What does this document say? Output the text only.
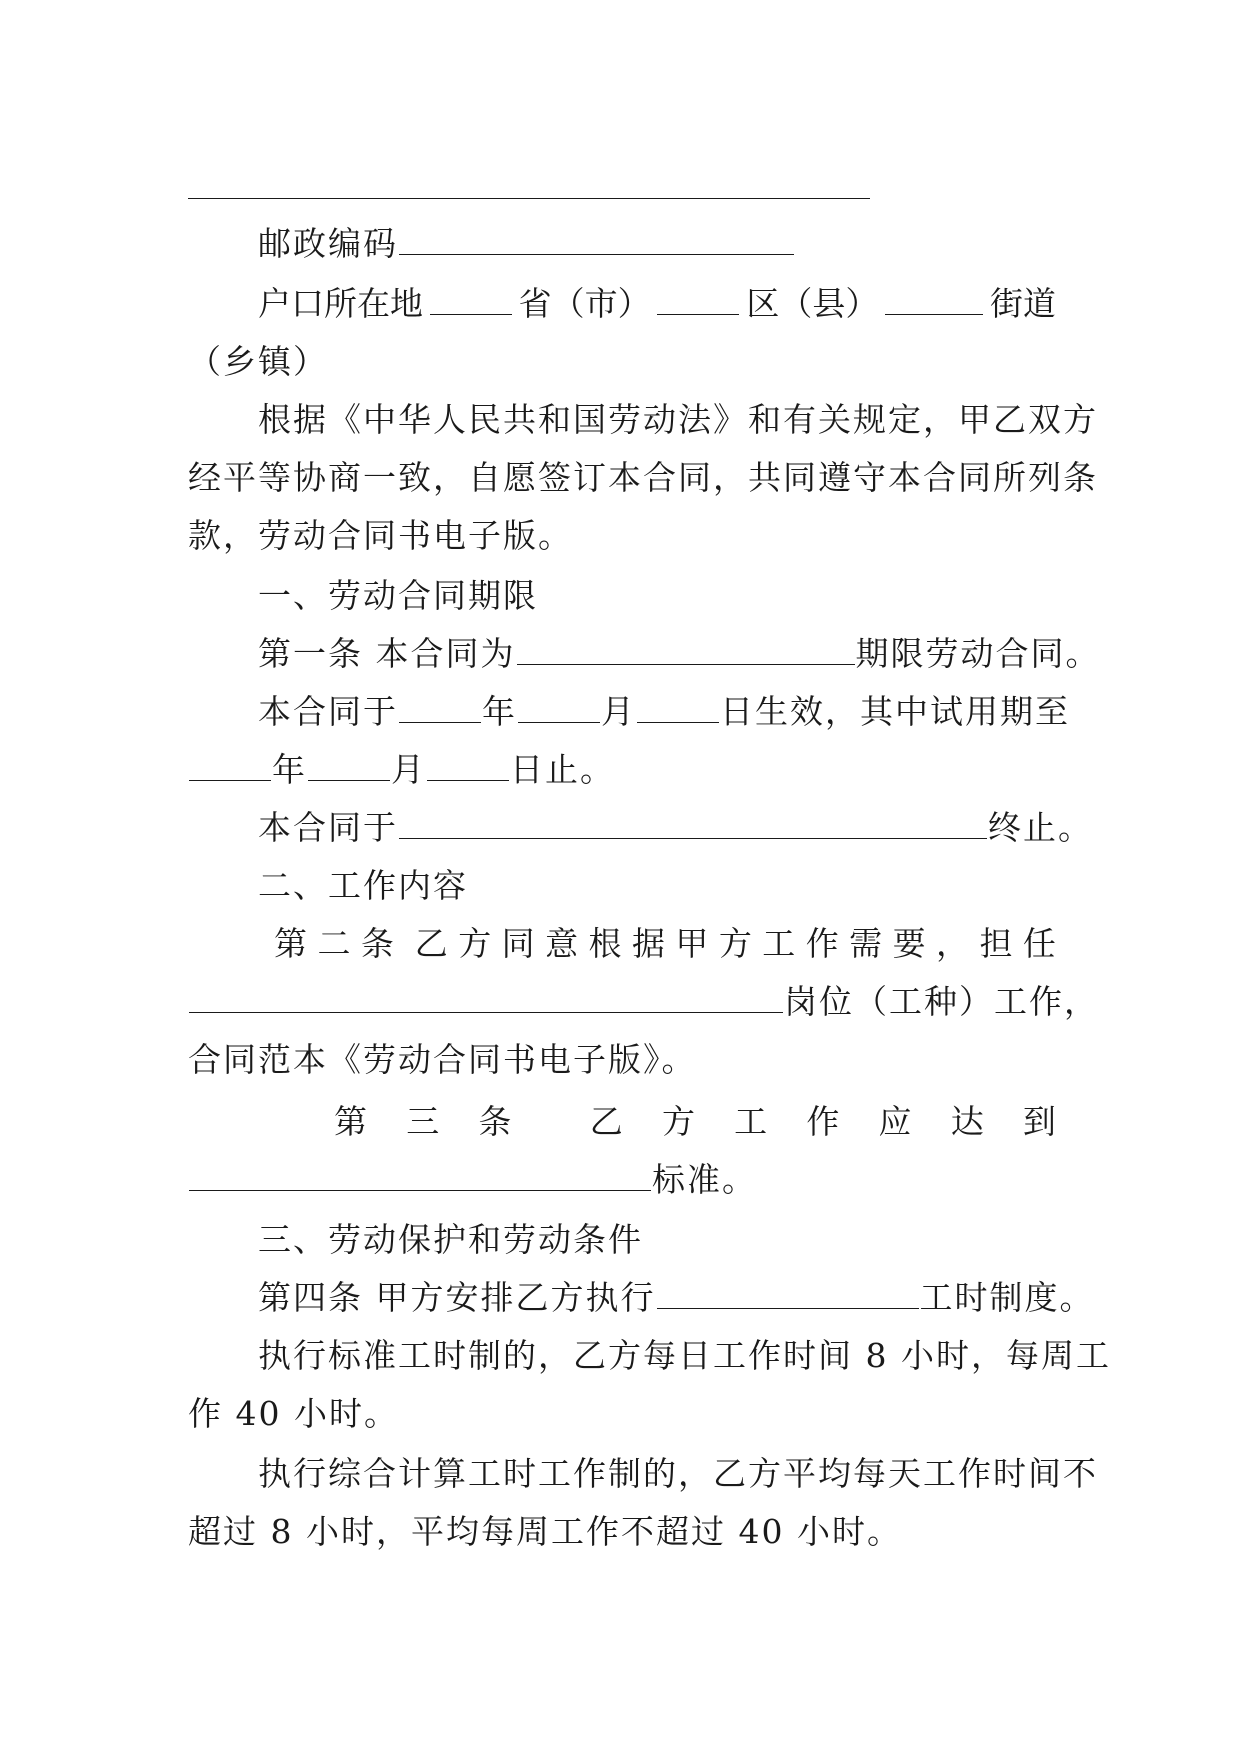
邮政编码
户口所在地	省（市）	区（县）	街道
（乡镇）
根据《中华人民共和国劳动法》和有关规定，甲乙双方
经平等协商一致，自愿签订本合同，共同遵守本合同所列条
款，劳动合同书电子版。
一、劳动合同期限
第一条 本合同为	期限劳动合同。
本合同于	年	月	日生效，其中试用期至
年	月	日止。
本合同于	终止。
二、工作内容
第 二 条 乙 方 同 意 根 据 甲 方 工 作 需 要 ， 担 任
岗位（工种）工作，
合同范本《劳动合同书电子版》。
第 三 条 乙 方 工 作 应 达 到
标准。
三、劳动保护和劳动条件
第四条 甲方安排乙方执行	工时制度。
执行标准工时制的，乙方每日工作时间 8 小时，每周工
作 40 小时。
执行综合计算工时工作制的，乙方平均每天工作时间不
超过 8 小时，平均每周工作不超过 40 小时。
